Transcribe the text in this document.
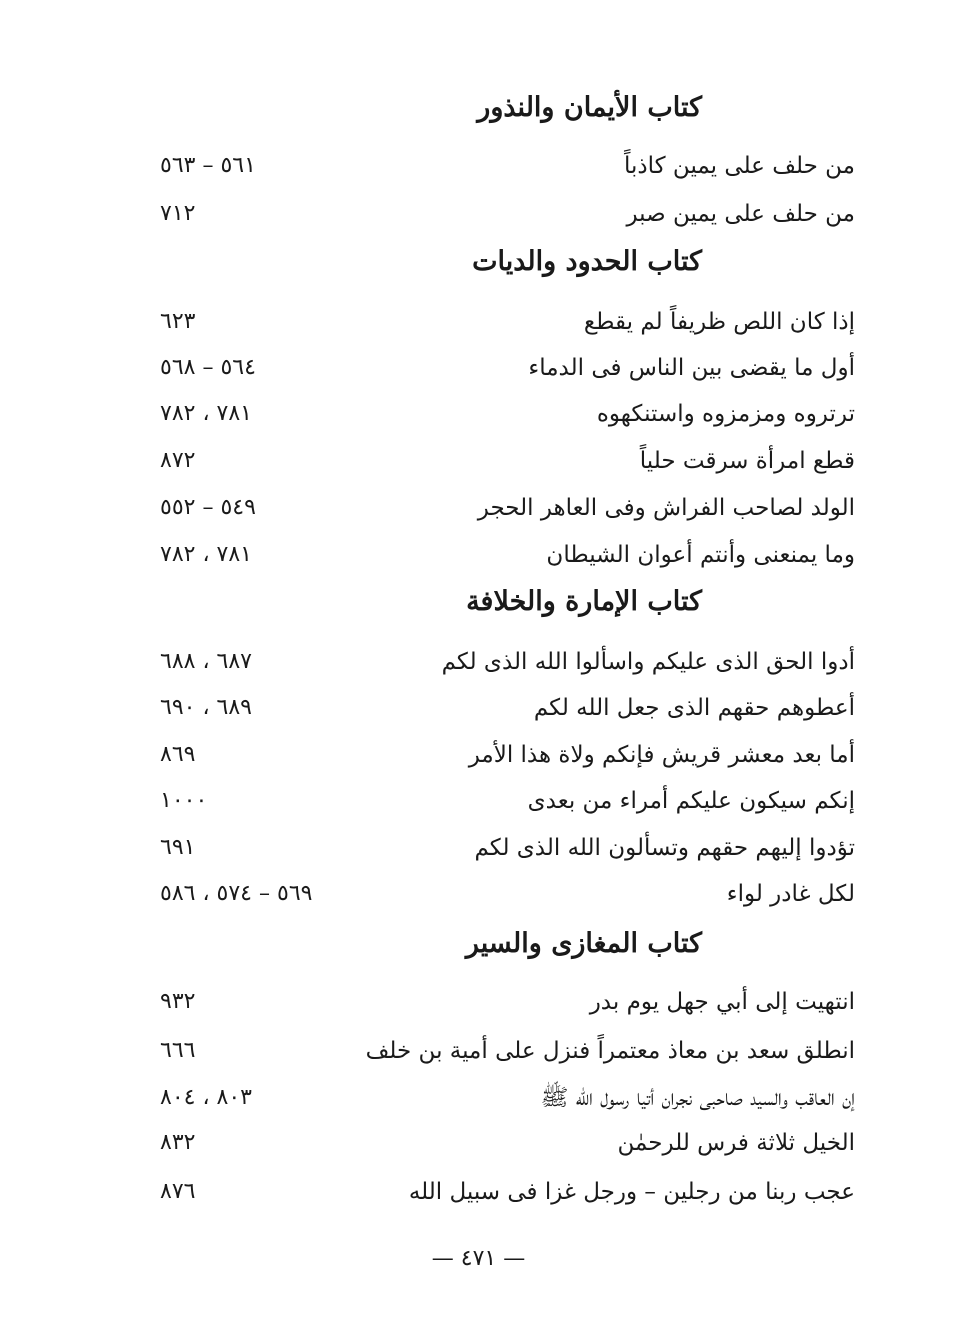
كتاب الأيمان والنذور
من حلف على يمين كاذباً
٥٦١ – ٥٦٣
من حلف على يمين صبر
٧١٢
كتاب الحدود والديات
إذا كان اللص ظريفاً لم يقطع
٦٢٣
أول ما يقضى بين الناس فى الدماء
٥٦٤ – ٥٦٨
ترتروه ومزمزوه واستنكهوه
٧٨١ ، ٧٨٢
قطع امرأة سرقت حلياً
٨٧٢
الولد لصاحب الفراش وفى العاهر الحجر
٥٤٩ – ٥٥٢
وما يمنعنى وأنتم أعوان الشيطان
٧٨١ ، ٧٨٢
كتاب الإمارة والخلافة
أدوا الحق الذى عليكم واسألوا الله الذى لكم
٦٨٧ ، ٦٨٨
أعطوهم حقهم الذى جعل الله لكم
٦٨٩ ، ٦٩٠
أما بعد معشر قريش فإنكم ولاة هذا الأمر
٨٦٩
إنكم سيكون عليكم أمراء من بعدى
١٠٠٠
تؤدوا إليهم حقهم وتسألون الله الذى لكم
٦٩١
لكل غادر لواء
٥٦٩ – ٥٧٤ ، ٥٨٦
كتاب المغازى والسير
انتهيت إلى أبي جهل يوم بدر
٩٣٢
انطلق سعد بن معاذ معتمراً فنزل على أمية بن خلف
٦٦٦
إن العاقب والسيد صاحبى نجران أتيا رسول الله ﷺ
٨٠٣ ، ٨٠٤
الخيل ثلاثة فرس للرحمٰن
٨٣٢
عجب ربنا من رجلين – ورجل غزا فى سبيل الله
٨٧٦
— ٤٧١ —
